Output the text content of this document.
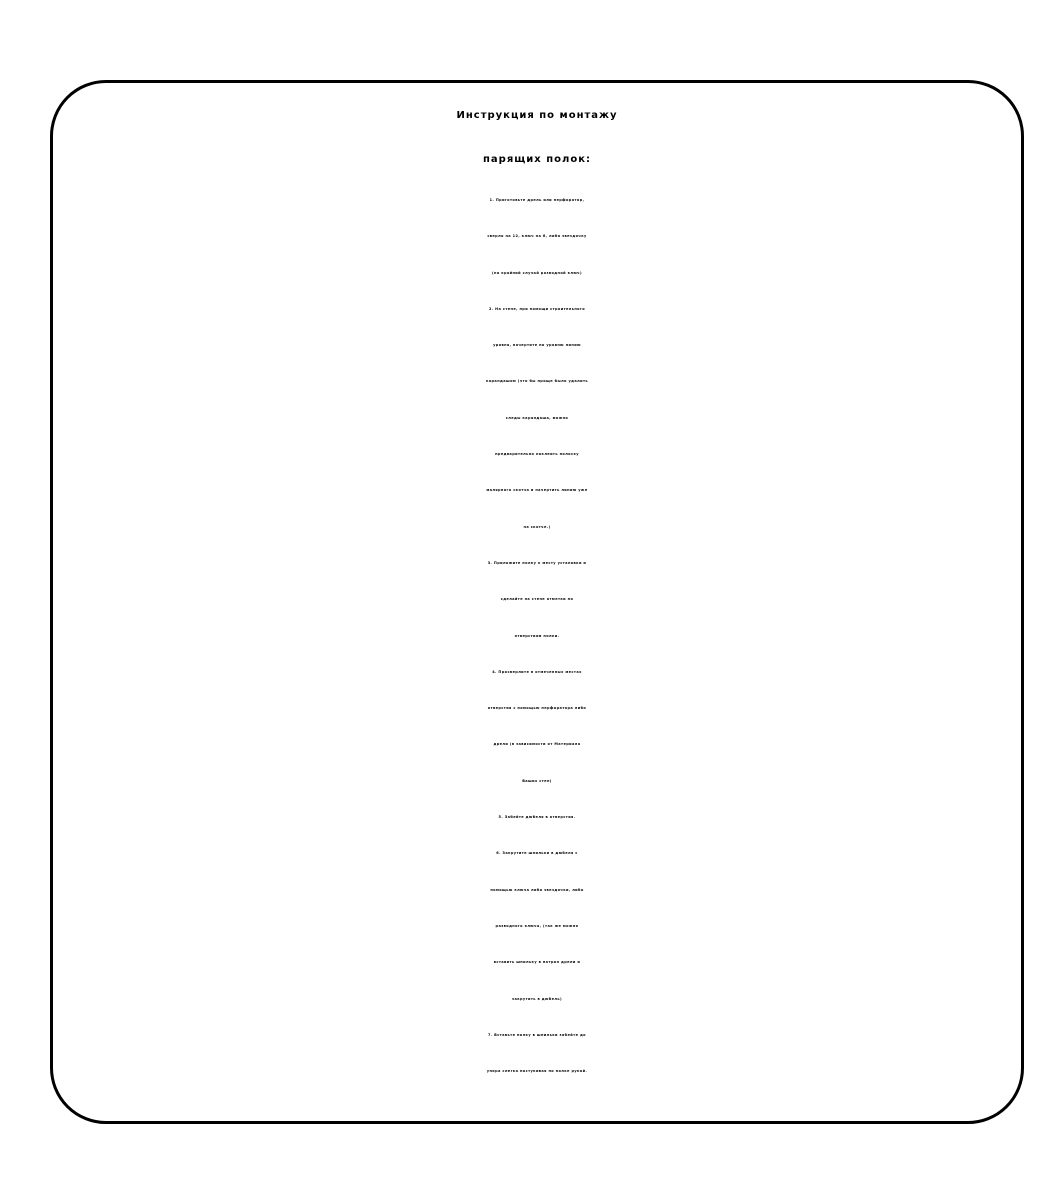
Инструкция по монтажу
парящих полок:
1. Приготовьте дрель или перфоратор,
сверло на 12, ключ на 6, либо звездочку
(на крайний случай разводной ключ)
2. На стене, при помощи строительного
уровня, начертите по уровню линию
карандашом (что бы проще было удалить
следы карандаша, можно
предварительно наклеить полоску
малярного скотча и начертить линию уже
на скотче.)
3. Приложите полку к месту установки и
сделайте на стене отметки по
отверстиям полки.
4. Просверлите в отмеченных местах
отверстия с помощью перфоратора либо
дрели (в зависимости от Материала
Ваших стен)
5. Забейте дюбеля в отверстия.
6. Закрутите шпильки в дюбеля с
помощью ключа либо звездочки, либо
разводного ключа, (так же можно
вставить шпильку в патрон дрели и
закрутить в дюбель)
7. Вставьте полку в шпильки забейте до
упора слегка постукивая по полке рукой.
